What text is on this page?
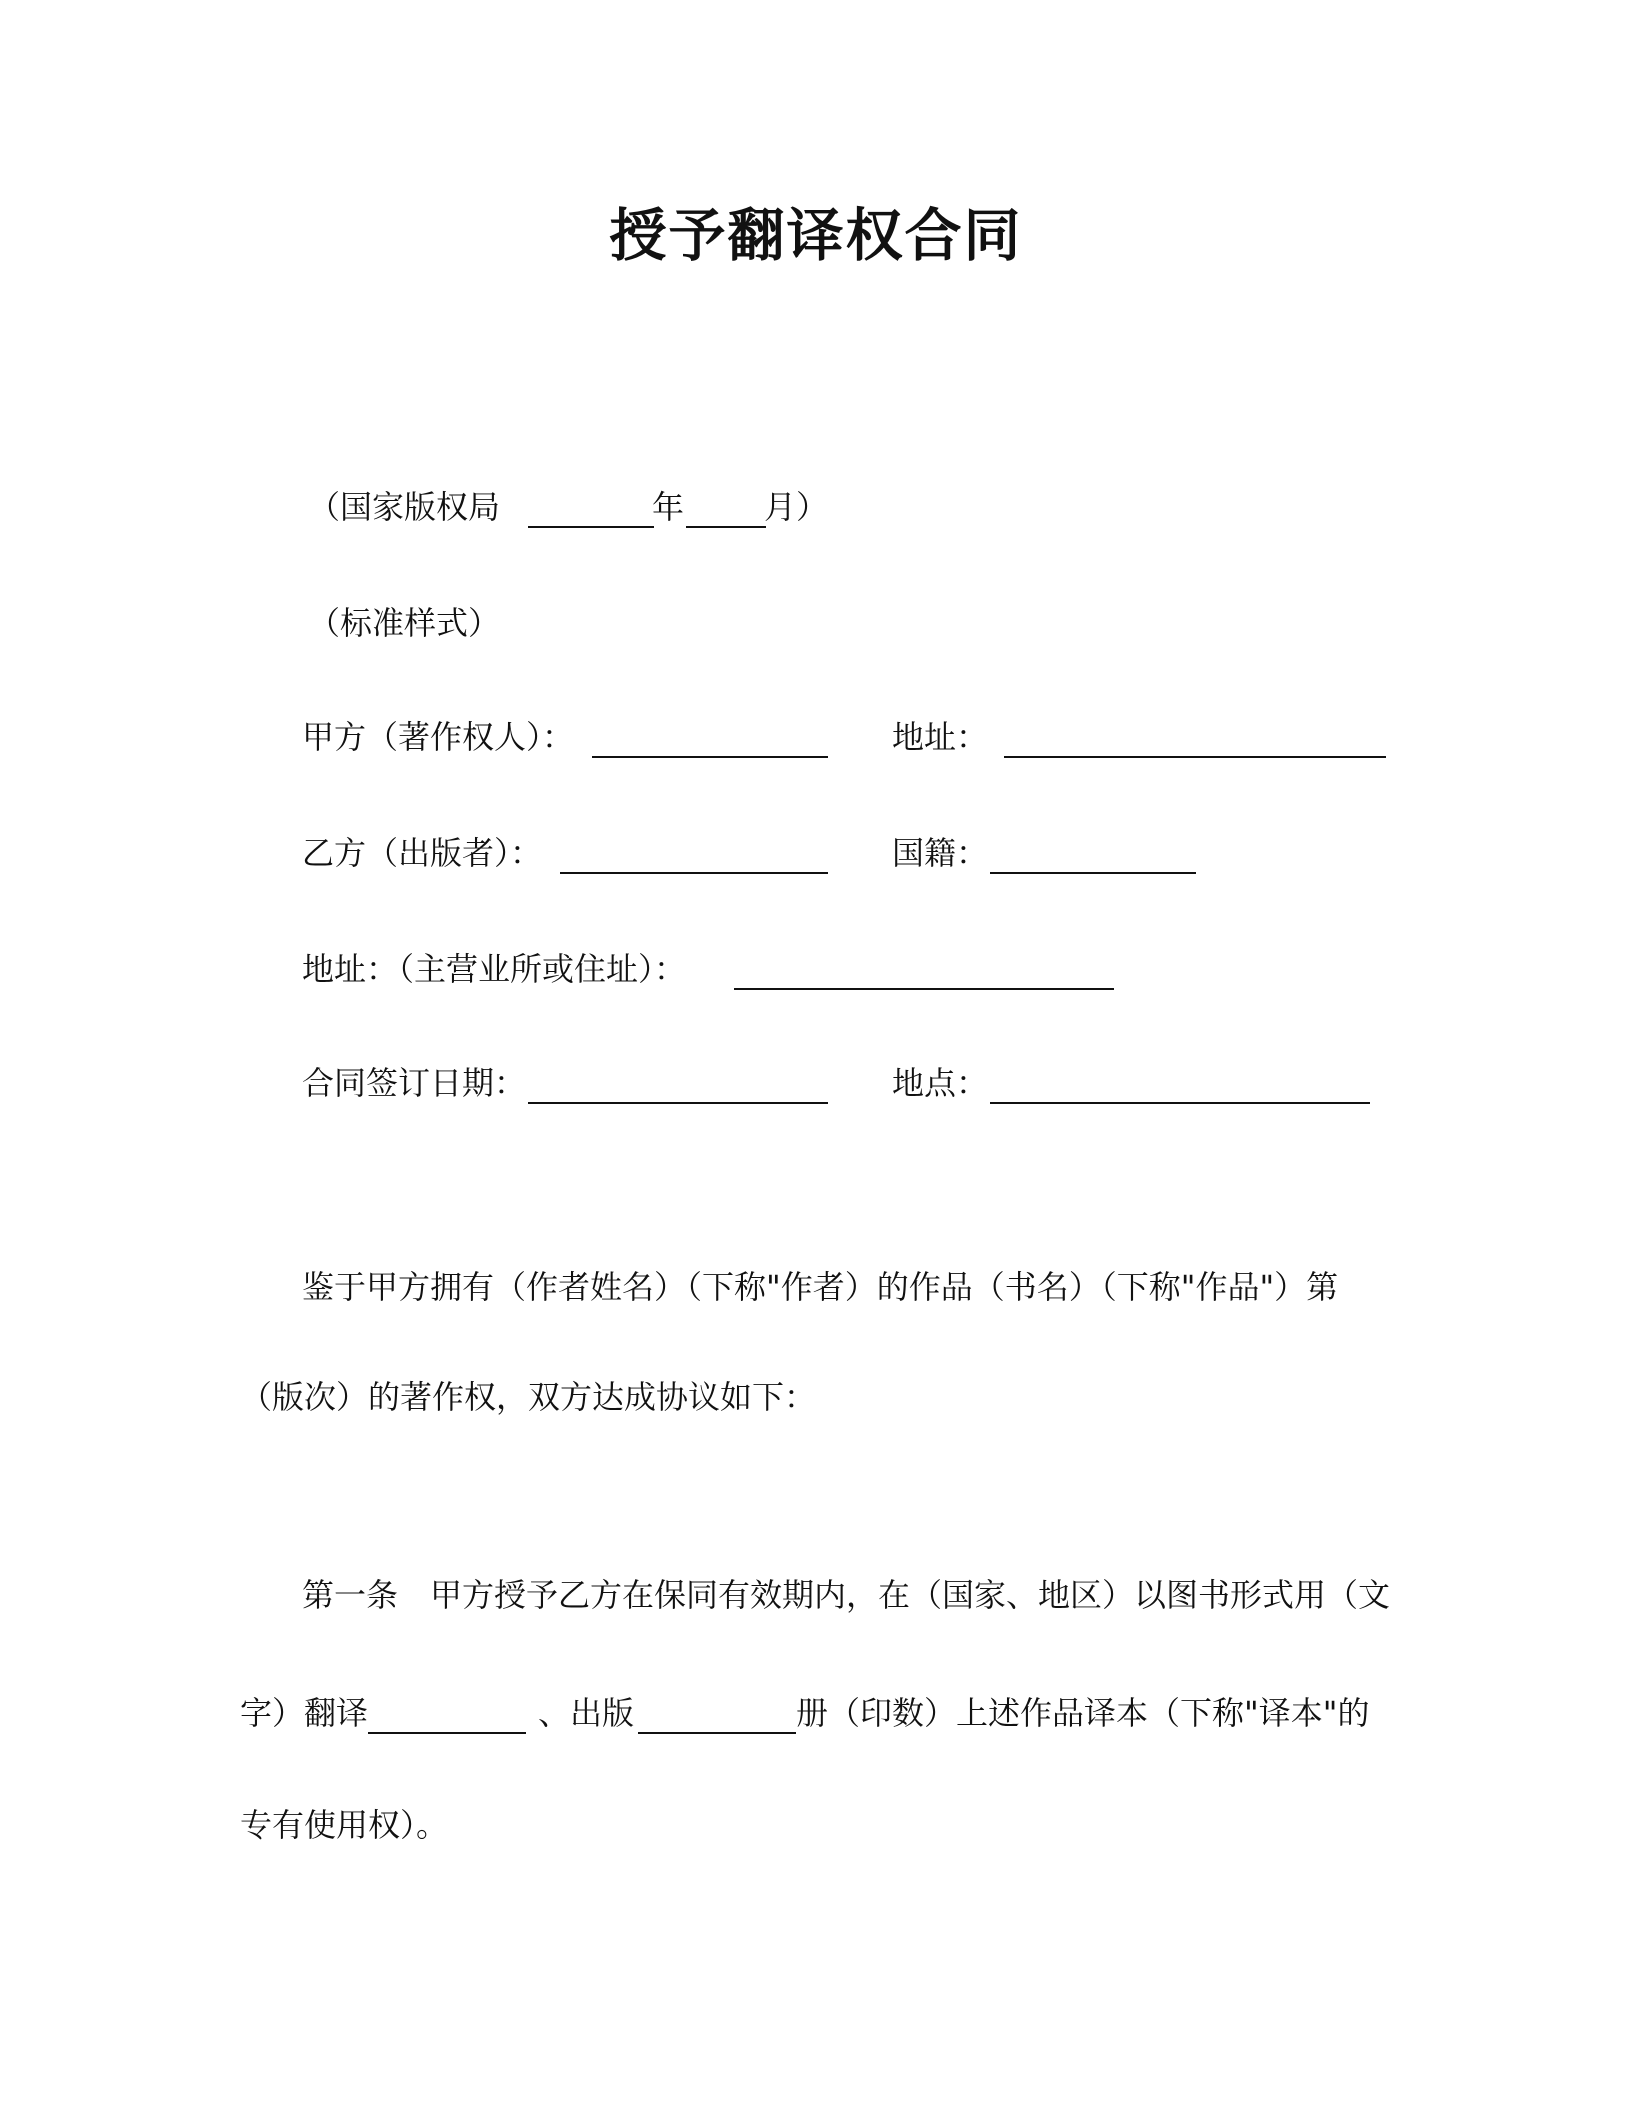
授予翻译权合同
（国家版权局	年 月）
（标准样式）
甲方（著作权人）：	地址：
乙方（出版者）：	国籍：
地址：（主营业所或住址）：
合同签订日期：	地点：
鉴于甲方拥有（作者姓名）（下称"作者）的作品（书名）（下称"作品"）第
（版次）的著作权，双方达成协议如下：
第一条　甲方授予乙方在保同有效期内，在（国家、地区）以图书形式用（文
字）翻译	、出版	册（印数）上述作品译本（下称"译本"的
专有使用权）。
